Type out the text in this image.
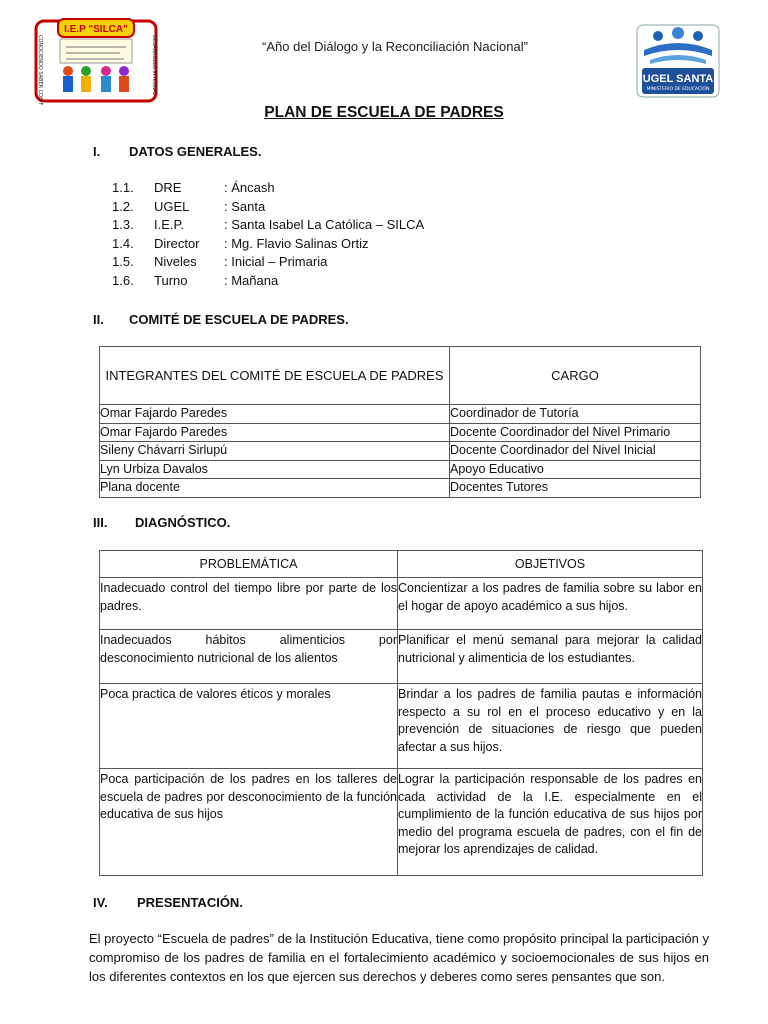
CONOCIENDO SABER CON FE	DESARROLLO INTEGRAL
I.E.P "SILCA"
“Año del Diálogo y la Reconciliación Nacional”
UGEL SANTA
MINISTERIO DE EDUCACIÓN
PLAN DE ESCUELA DE PADRES
I. DATOS GENERALES.
1.1.	DRE	: Áncash
1.2.	UGEL	: Santa
1.3.	I.E.P.	: Santa Isabel La Católica – SILCA
1.4.	Director	: Mg. Flavio Salinas Ortiz
1.5.	Niveles	: Inicial – Primaria
1.6.	Turno	: Mañana
II. COMITÉ DE ESCUELA DE PADRES.
INTEGRANTES DEL COMITÉ DE ESCUELA DE PADRES	CARGO
Omar Fajardo Paredes	Coordinador de Tutoría
Omar Fajardo Paredes	Docente Coordinador del Nivel Primario
Sileny Chávarri Sirlupú	Docente Coordinador del Nivel Inicial
Lyn Urbiza Davalos	Apoyo Educativo
Plana docente	Docentes Tutores
III. DIAGNÓSTICO.
PROBLEMÁTICA	OBJETIVOS
Inadecuado control del tiempo libre por parte de los padres.	Concientizar a los padres de familia sobre su labor en el hogar de apoyo académico a sus hijos.
Inadecuados hábitos alimenticios por desconocimiento nutricional de los alientos	Planificar el menú semanal para mejorar la calidad nutricional y alimenticia de los estudiantes.
Poca practica de valores éticos y morales	Brindar a los padres de familia pautas e información respecto a su rol en el proceso educativo y en la prevención de situaciones de riesgo que pueden afectar a sus hijos.
Poca participación de los padres en los talleres de escuela de padres por desconocimiento de la función educativa de sus hijos	Lograr la participación responsable de los padres en cada actividad de la I.E. especialmente en el cumplimiento de la función educativa de sus hijos por medio del programa escuela de padres, con el fin de mejorar los aprendizajes de calidad.
IV. PRESENTACIÓN.
El proyecto “Escuela de padres” de la Institución Educativa, tiene como propósito principal la participación y compromiso de los padres de familia en el fortalecimiento académico y socioemocionales de sus hijos en los diferentes contextos en los que ejercen sus derechos y deberes como seres pensantes que son.
